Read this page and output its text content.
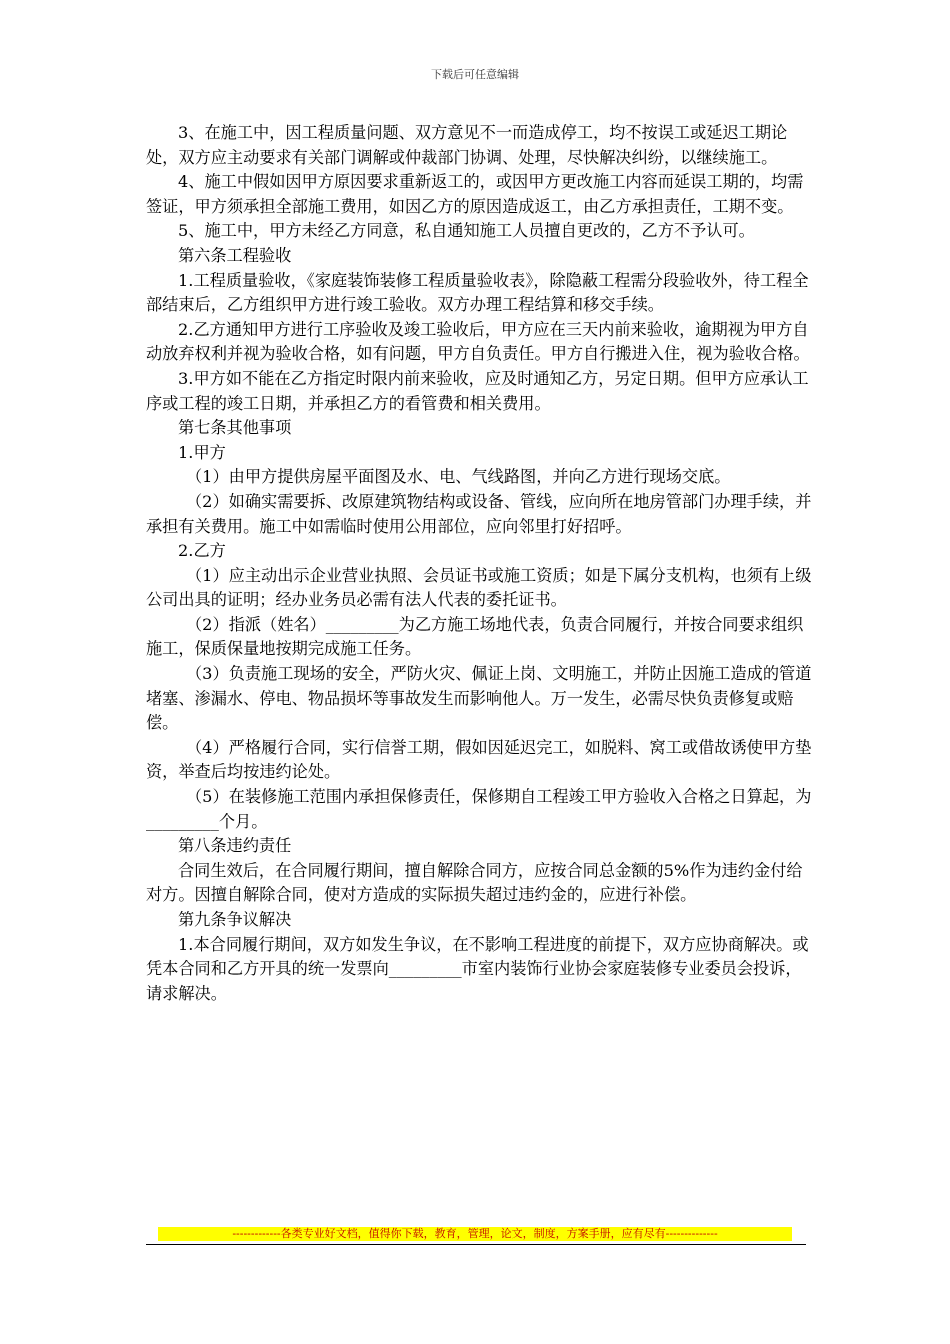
下载后可任意编辑

3、在施工中，因工程质量问题、双方意见不一而造成停工，均不按误工或延迟工期论处，双方应主动要求有关部门调解或仲裁部门协调、处理，尽快解决纠纷，以继续施工。

4、施工中假如因甲方原因要求重新返工的，或因甲方更改施工内容而延误工期的，均需签证，甲方须承担全部施工费用，如因乙方的原因造成返工，由乙方承担责任，工期不变。

5、施工中，甲方未经乙方同意，私自通知施工人员擅自更改的，乙方不予认可。

第六条工程验收

1.工程质量验收，《家庭装饰装修工程质量验收表》，除隐蔽工程需分段验收外，待工程全部结束后，乙方组织甲方进行竣工验收。双方办理工程结算和移交手续。

2.乙方通知甲方进行工序验收及竣工验收后，甲方应在三天内前来验收，逾期视为甲方自动放弃权利并视为验收合格，如有问题，甲方自负责任。甲方自行搬进入住，视为验收合格。

3.甲方如不能在乙方指定时限内前来验收，应及时通知乙方，另定日期。但甲方应承认工序或工程的竣工日期，并承担乙方的看管费和相关费用。

第七条其他事项

1.甲方

（1）由甲方提供房屋平面图及水、电、气线路图，并向乙方进行现场交底。

（2）如确实需要拆、改原建筑物结构或设备、管线，应向所在地房管部门办理手续，并承担有关费用。施工中如需临时使用公用部位，应向邻里打好招呼。

2.乙方

（1）应主动出示企业营业执照、会员证书或施工资质；如是下属分支机构，也须有上级公司出具的证明；经办业务员必需有法人代表的委托证书。

（2）指派（姓名）_________为乙方施工场地代表，负责合同履行，并按合同要求组织施工，保质保量地按期完成施工任务。

（3）负责施工现场的安全，严防火灾、佩证上岗、文明施工，并防止因施工造成的管道堵塞、渗漏水、停电、物品损坏等事故发生而影响他人。万一发生，必需尽快负责修复或赔偿。

（4）严格履行合同，实行信誉工期，假如因延迟完工，如脱料、窝工或借故诱使甲方垫资，举查后均按违约论处。

（5）在装修施工范围内承担保修责任，保修期自工程竣工甲方验收入合格之日算起，为_________个月。

第八条违约责任

合同生效后，在合同履行期间，擅自解除合同方，应按合同总金额的5%作为违约金付给对方。因擅自解除合同，使对方造成的实际损失超过违约金的，应进行补偿。

第九条争议解决

1.本合同履行期间，双方如发生争议，在不影响工程进度的前提下，双方应协商解决。或凭本合同和乙方开具的统一发票向_________市室内装饰行业协会家庭装修专业委员会投诉，请求解决。

-------------各类专业好文档，值得你下载，教育，管理，论文，制度，方案手册，应有尽有--------------
